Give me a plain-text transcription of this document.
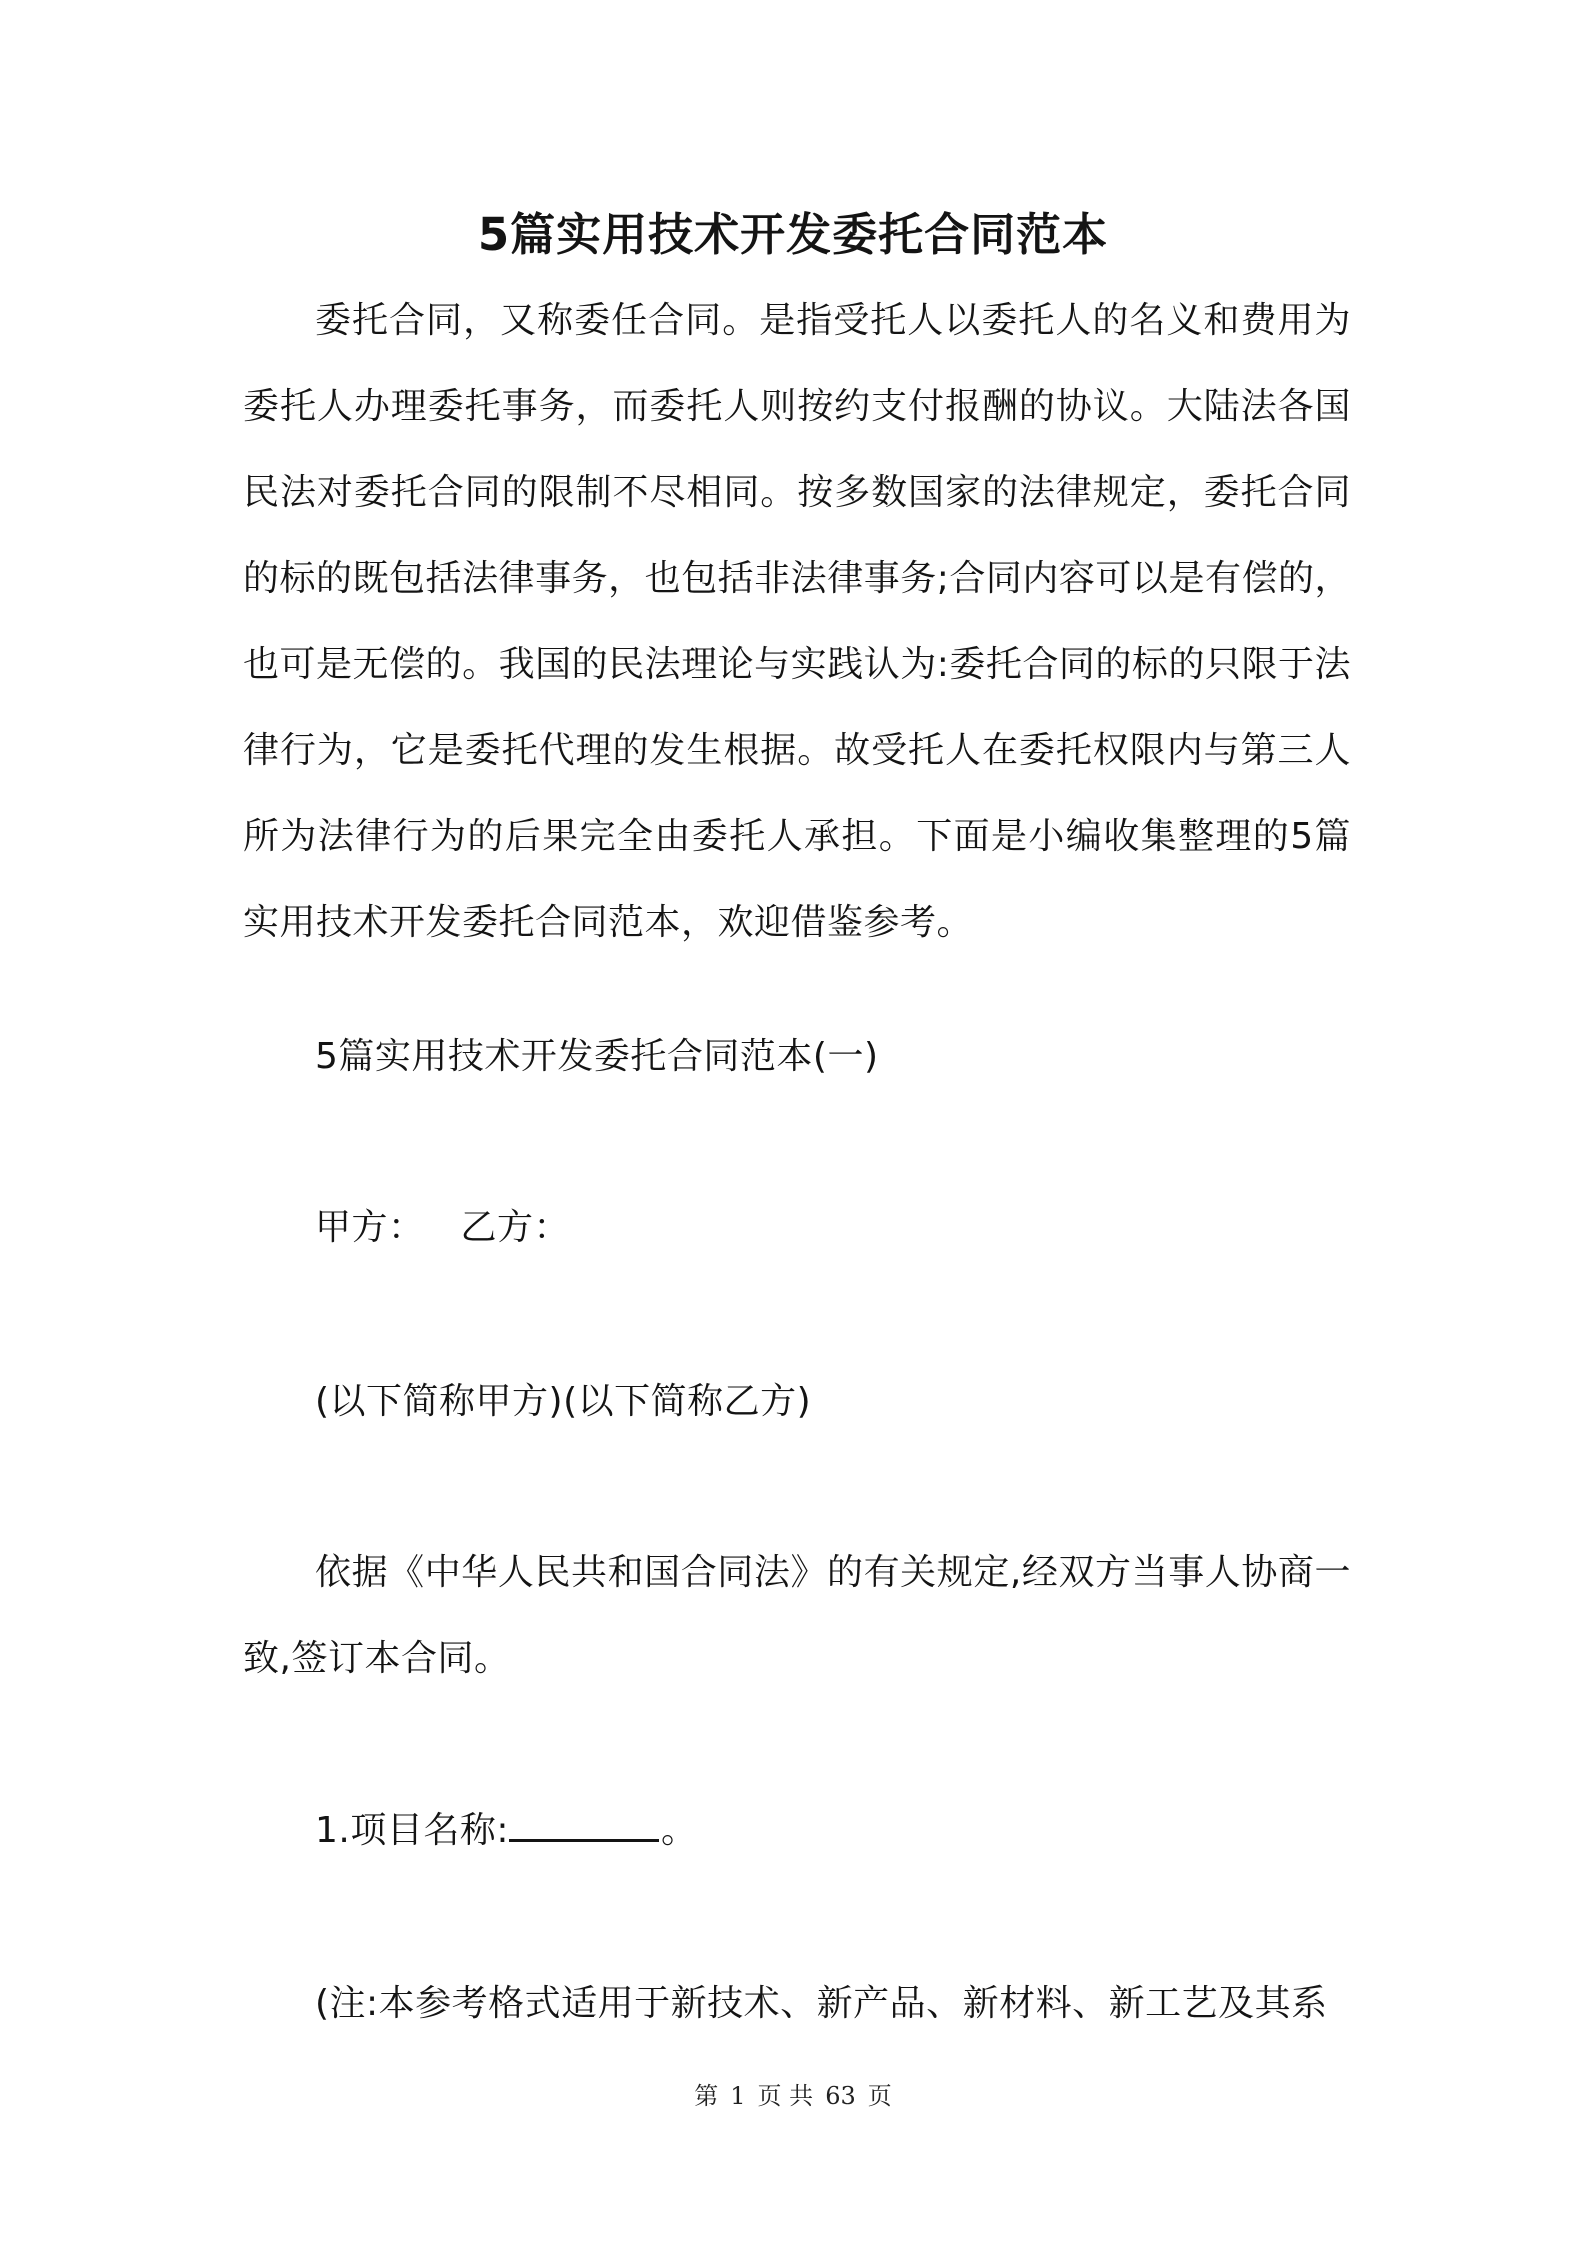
5篇实用技术开发委托合同范本
委托合同，又称委任合同。是指受托人以委托人的名义和费用为委托人办理委托事务，而委托人则按约支付报酬的协议。大陆法各国民法对委托合同的限制不尽相同。按多数国家的法律规定，委托合同的标的既包括法律事务，也包括非法律事务;合同内容可以是有偿的，也可是无偿的。我国的民法理论与实践认为:委托合同的标的只限于法律行为，它是委托代理的发生根据。故受托人在委托权限内与第三人所为法律行为的后果完全由委托人承担。下面是小编收集整理的5篇实用技术开发委托合同范本，欢迎借鉴参考。
5篇实用技术开发委托合同范本(一)
甲方： 乙方：
(以下简称甲方)(以下简称乙方)
依据《中华人民共和国合同法》的有关规定,经双方当事人协商一致,签订本合同。
1.项目名称:	。
(注:本参考格式适用于新技术、新产品、新材料、新工艺及其系
第 1 页 共 63 页
